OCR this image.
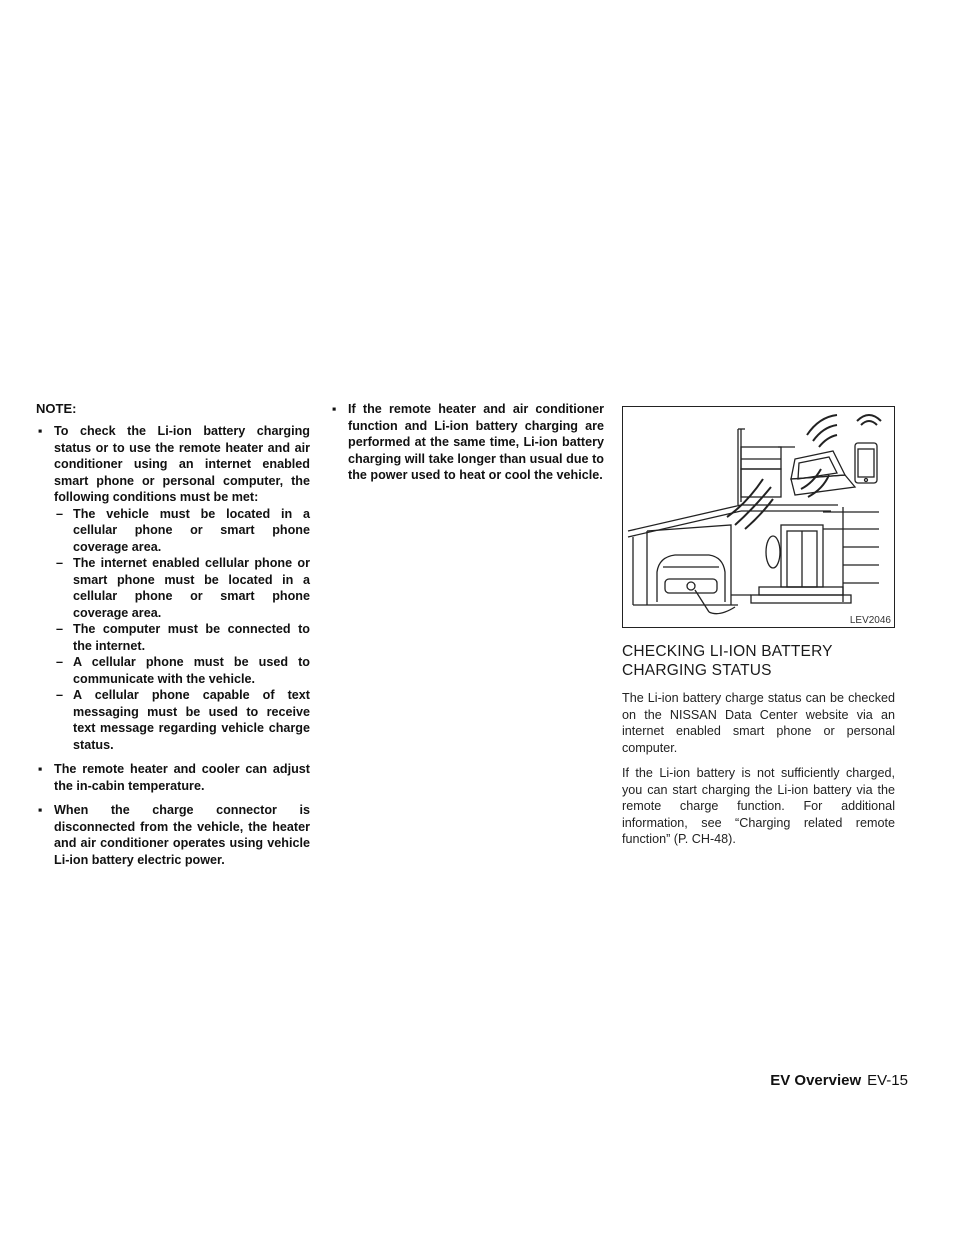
NOTE:
▪ To check the Li-ion battery charging status or to use the remote heater and air conditioner using an internet enabled smart phone or personal computer, the following conditions must be met:
– The vehicle must be located in a cellular phone or smart phone coverage area.
– The internet enabled cellular phone or smart phone must be located in a cellular phone or smart phone coverage area.
– The computer must be connected to the internet.
– A cellular phone must be used to communicate with the vehicle.
– A cellular phone capable of text messaging must be used to receive text message regarding vehicle charge status.
▪ The remote heater and cooler can adjust the in-cabin temperature.
▪ When the charge connector is disconnected from the vehicle, the heater and air conditioner operates using vehicle Li-ion battery electric power.
▪ If the remote heater and air conditioner function and Li-ion battery charging are performed at the same time, Li-ion battery charging will take longer than usual due to the power used to heat or cool the vehicle.
LEV2046
CHECKING LI-ION BATTERY
CHARGING STATUS

The Li-ion battery charge status can be checked on the NISSAN Data Center website via an internet enabled smart phone or personal computer.

If the Li-ion battery is not sufficiently charged, you can start charging the Li-ion battery via the remote charge function. For additional information, see “Charging related remote function” (P. CH-48).

EV Overview EV-15
